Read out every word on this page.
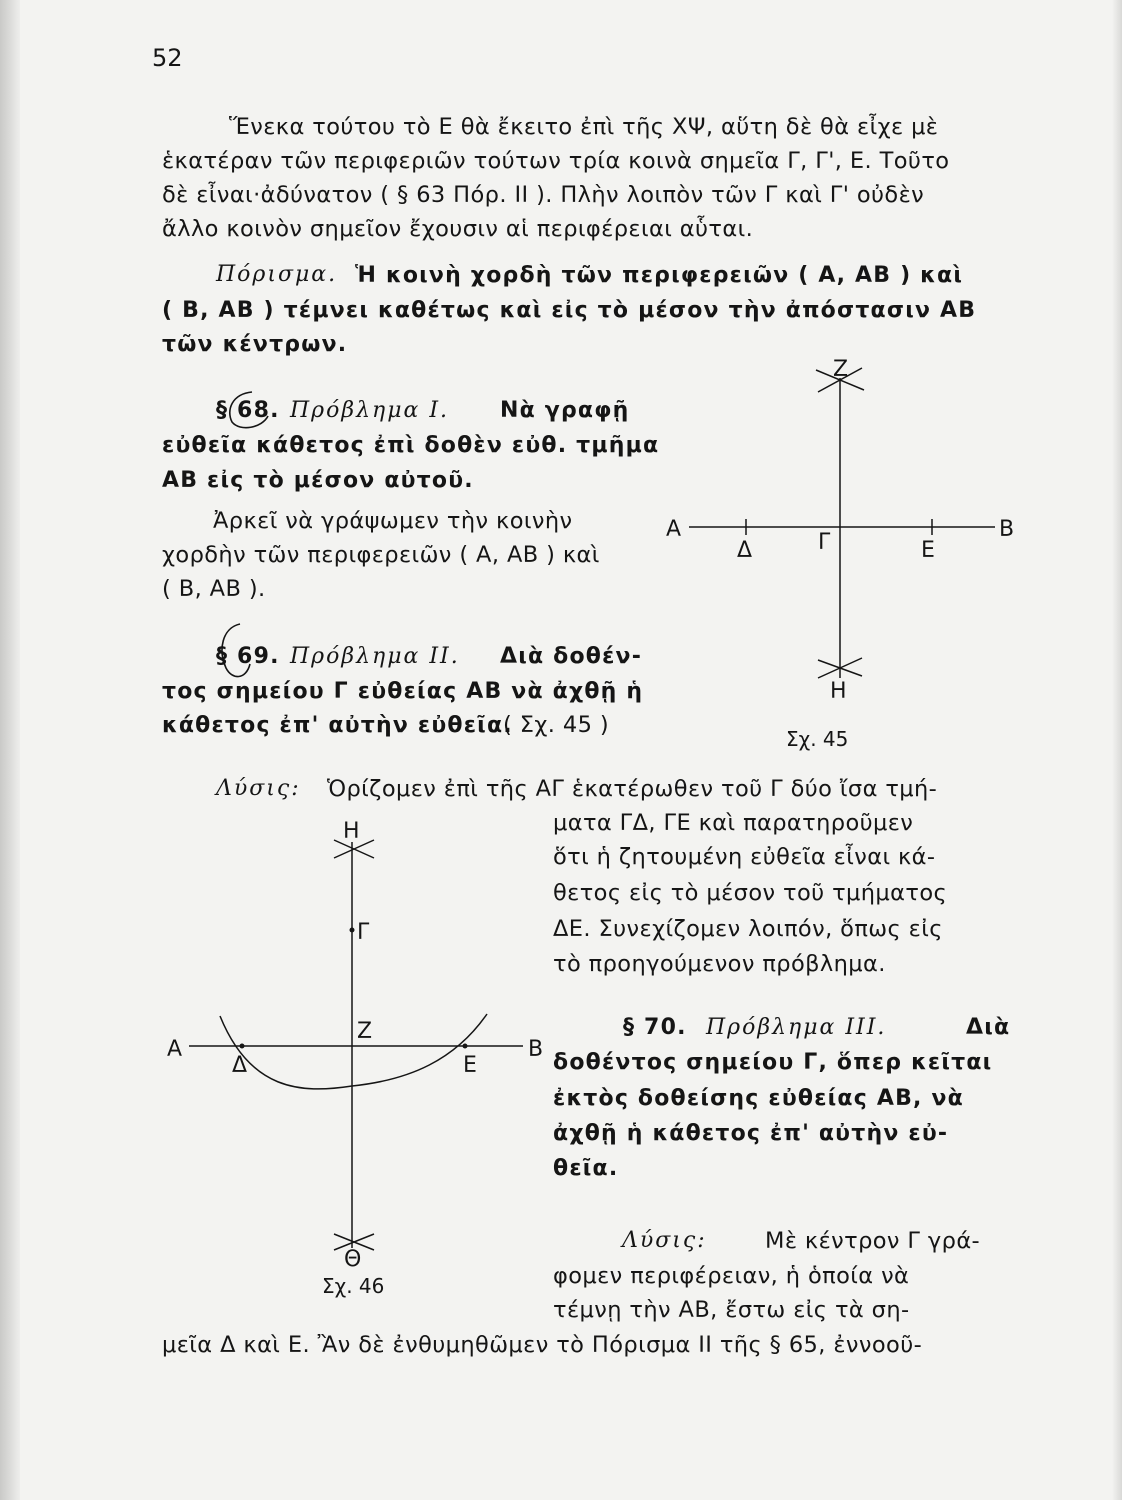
52
Ἕνεκα τούτου τὸ Ε θὰ ἔκειτο ἐπὶ τῆς ΧΨ, αὕτη δὲ θὰ εἶχε μὲ
ἑκατέραν τῶν περιφεριῶν τούτων τρία κοινὰ σημεῖα Γ, Γ', Ε. Τοῦτο
δὲ εἶναι·ἀδύνατον ( § 63 Πόρ. ΙΙ ). Πλὴν λοιπὸν τῶν Γ καὶ Γ' οὐδὲν
ἄλλο κοινὸν σημεῖον ἔχουσιν αἱ περιφέρειαι αὗται.
Πόρισμα. Ἡ κοινὴ χορδὴ τῶν περιφερειῶν ( Α, ΑΒ ) καὶ
( Β, ΑΒ ) τέμνει καθέτως καὶ εἰς τὸ μέσον τὴν ἀπόστασιν ΑΒ
τῶν κέντρων.
§ 68. Πρόβλημα Ι. Νὰ γραφῇ
εὐθεῖα κάθετος ἐπὶ δοθὲν εὐθ. τμῆμα
ΑΒ εἰς τὸ μέσον αὐτοῦ.
Ἀρκεῖ νὰ γράψωμεν τὴν κοινὴν
χορδὴν τῶν περιφερειῶν ( Α, ΑΒ ) καὶ
( Β, ΑΒ ).
§ 69. Πρόβλημα ΙΙ. Διὰ δοθέν-
τος σημείου Γ εὐθείας ΑΒ νὰ ἀχθῇ ἡ
κάθετος ἐπ' αὐτὴν εὐθεῖα.
( Σχ. 45 )
Λύσις: Ὁρίζομεν ἐπὶ τῆς ΑΓ ἑκατέρωθεν τοῦ Γ δύο ἴσα τμή-
ματα ΓΔ, ΓΕ καὶ παρατηροῦμεν
ὅτι ἡ ζητουμένη εὐθεῖα εἶναι κά-
θετος εἰς τὸ μέσον τοῦ τμήματος
ΔΕ. Συνεχίζομεν λοιπόν, ὅπως εἰς
τὸ προηγούμενον πρόβλημα.
§ 70. Πρόβλημα ΙΙΙ.	Διὰ
δοθέντος σημείου Γ, ὅπερ κεῖται
ἐκτὸς δοθείσης εὐθείας ΑΒ, νὰ
ἀχθῇ ἡ κάθετος ἐπ' αὐτὴν εὐ-
θεῖα.
Λύσις:	Μὲ κέντρον Γ γρά-
φομεν περιφέρειαν, ἡ ὁποία νὰ
τέμνῃ τὴν ΑΒ, ἔστω εἰς τὰ ση-
μεῖα Δ καὶ Ε. Ἂν δὲ ἐνθυμηθῶμεν τὸ Πόρισμα ΙΙ τῆς § 65, ἐννοοῦ-
Ζ
Η
Α	Β
Δ	Γ	Ε
Σχ. 45
Η
Γ
Ζ
Α	Β
Δ	Ε
Θ
Σχ. 46
